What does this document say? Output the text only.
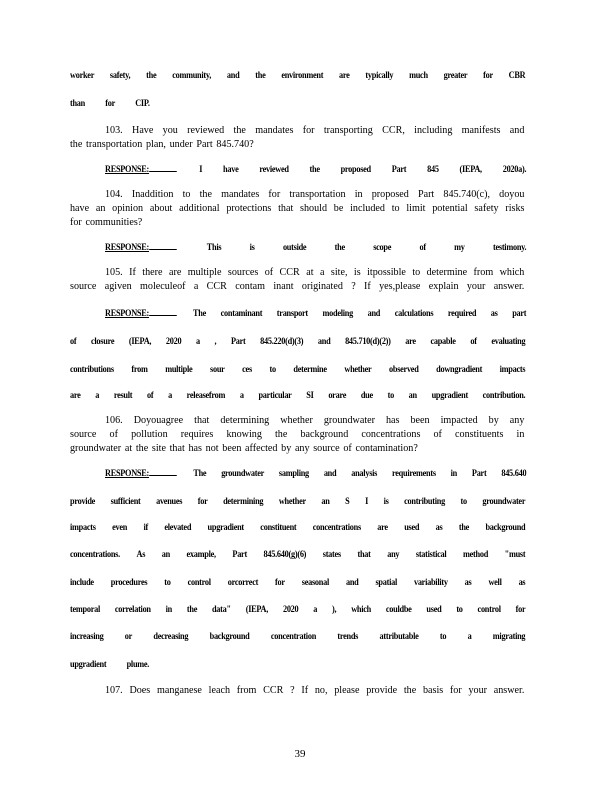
worker safety, the community, and the environment are typically much greater for CBR
than for CIP.
103. Have you reviewed the mandates for transporting CCR, including manifests and
the transportation plan, under Part 845.740?
RESPONSE:	I have reviewed the proposed Part 845 (IEPA, 2020a).
104. Inaddition to the mandates for transportation in proposed Part 845.740(c), doyou
have an opinion about additional protections that should be included to limit potential safety risks
for communities?
RESPONSE:	This	is	outside	the	scope	of	my	testimony.
105. If there are multiple sources of CCR at a site, is itpossible to determine from which
source agiven moleculeof a CCR contam inant originated ? If yes,please explain your answer.
RESPONSE:	The contaminant transport modeling and calculations required as part
of closure (IEPA, 2020 a , Part 845.220(d)(3) and 845.710(d)(2)) are capable of evaluating
contributions from multiple sour ces to determine whether observed downgradient impacts
are a result of a releasefrom a particular SI orare due to an upgradient contribution.
106. Doyouagree that determining whether groundwater has been impacted by any
source of pollution requires knowing the background concentrations of constituents in
groundwater at the site that has not been affected by any source of contamination?
RESPONSE:	The groundwater sampling and analysis requirements in Part 845.640
provide sufficient avenues for determining whether an S I is contributing to groundwater
impacts even if elevated upgradient constituent concentrations are used as the background
concentrations. As an example, Part 845.640(g)(6) states that any statistical method "must
include procedures to control orcorrect for seasonal and spatial variability as well as
temporal correlation in the data" (IEPA, 2020 a ), which couldbe used to control for
increasing or decreasing background concentration trends attributable to a migrating
upgradient plume.
107. Does manganese leach from CCR ? If no, please provide the basis for your answer.
39
